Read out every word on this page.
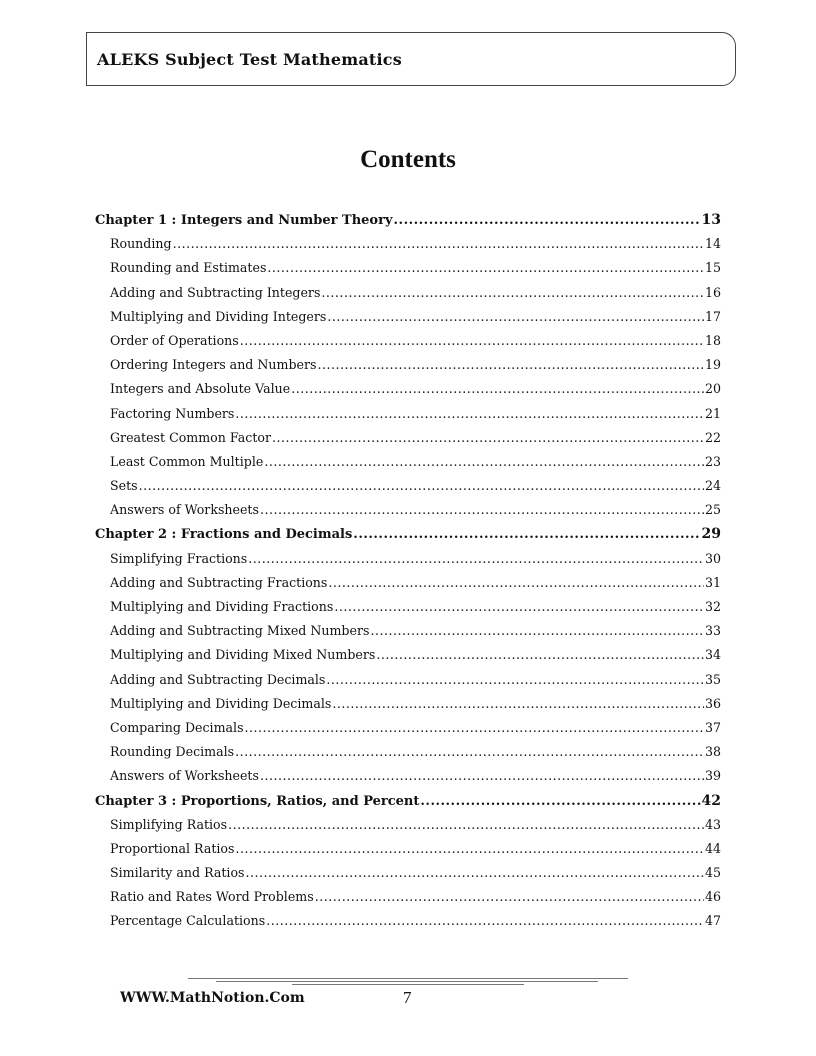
ALEKS Subject Test Mathematics
Contents
Chapter 1 : Integers and Number Theory .....	13
Rounding .....	14
Rounding and Estimates .....	15
Adding and Subtracting Integers .....	16
Multiplying and Dividing Integers .....	17
Order of Operations .....	18
Ordering Integers and Numbers .....	19
Integers and Absolute Value .....	20
Factoring Numbers .....	21
Greatest Common Factor .....	22
Least Common Multiple .....	23
Sets .....	24
Answers of Worksheets .....	25
Chapter 2 : Fractions and Decimals .....	29
Simplifying Fractions .....	30
Adding and Subtracting Fractions .....	31
Multiplying and Dividing Fractions .....	32
Adding and Subtracting Mixed Numbers .....	33
Multiplying and Dividing Mixed Numbers .....	34
Adding and Subtracting Decimals .....	35
Multiplying and Dividing Decimals .....	36
Comparing Decimals .....	37
Rounding Decimals .....	38
Answers of Worksheets .....	39
Chapter 3 : Proportions, Ratios, and Percent .....	42
Simplifying Ratios .....	43
Proportional Ratios .....	44
Similarity and Ratios .....	45
Ratio and Rates Word Problems .....	46
Percentage Calculations .....	47
WWW.MathNotion.Com	7
